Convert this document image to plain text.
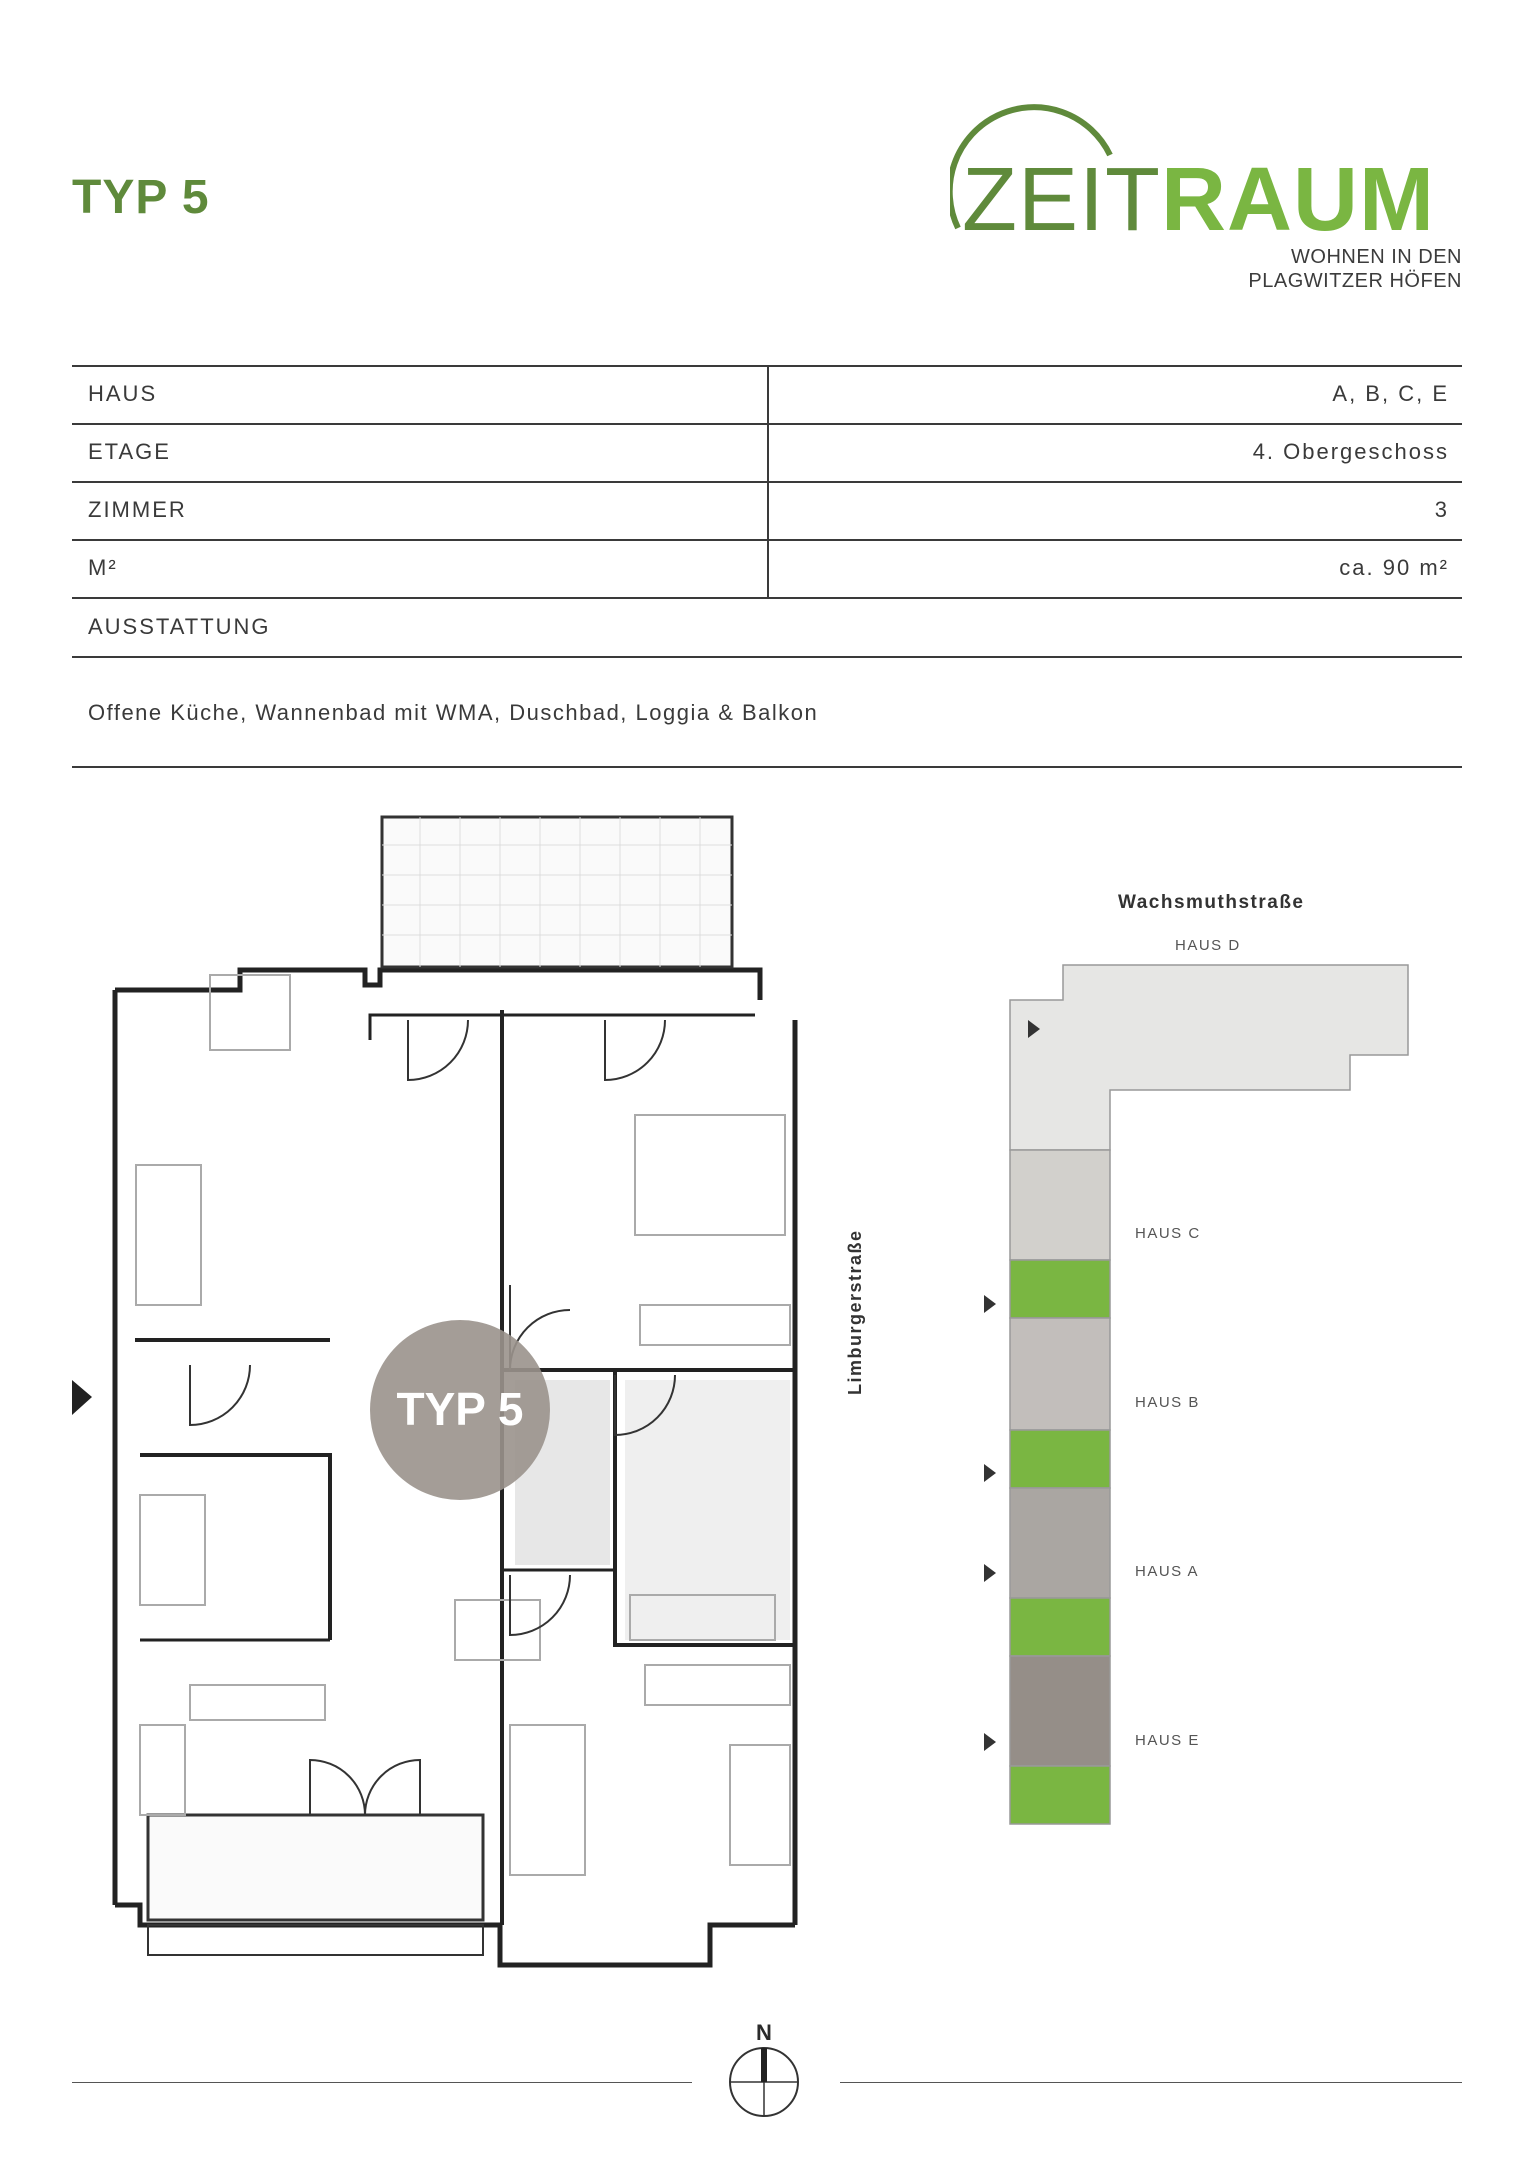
TYP 5	ZEITRAUM
WOHNEN IN DEN
PLAGWITZER HÖFEN
HAUS	A, B, C, E
ETAGE	4. Obergeschoss
ZIMMER	3
M²	ca. 90 m²
AUSSTATTUNG
Offene Küche, Wannenbad mit WMA, Duschbad, Loggia & Balkon
TYP 5
Wachsmuthstraße
Limburgerstraße
HAUS D
HAUS C
HAUS B
HAUS A
HAUS E
N
